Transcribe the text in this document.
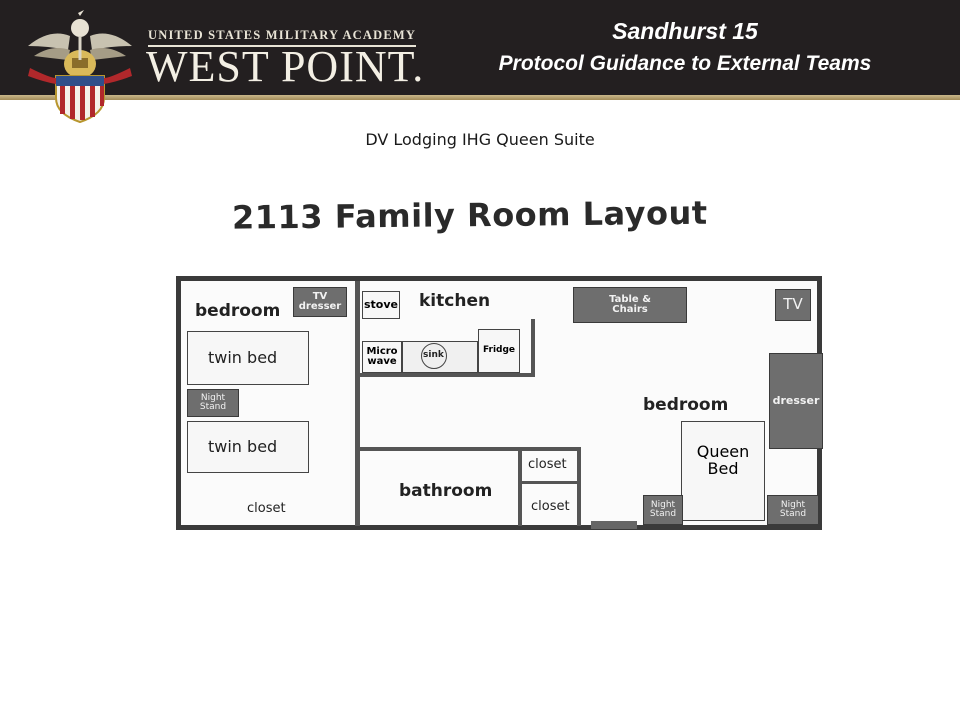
UNITED STATES MILITARY ACADEMY
WEST POINT.
Sandhurst 15
Protocol Guidance to External Teams
DV Lodging IHG Queen Suite
2113 Family Room Layout
bedroom
TV dresser
twin bed
Night Stand
twin bed
closet
stove kitchen
Micro wave
sink	Fridge
Table & Chairs	TV
dresser
bedroom
Queen Bed
Night Stand
Night Stand
bathroom
closet
closet
